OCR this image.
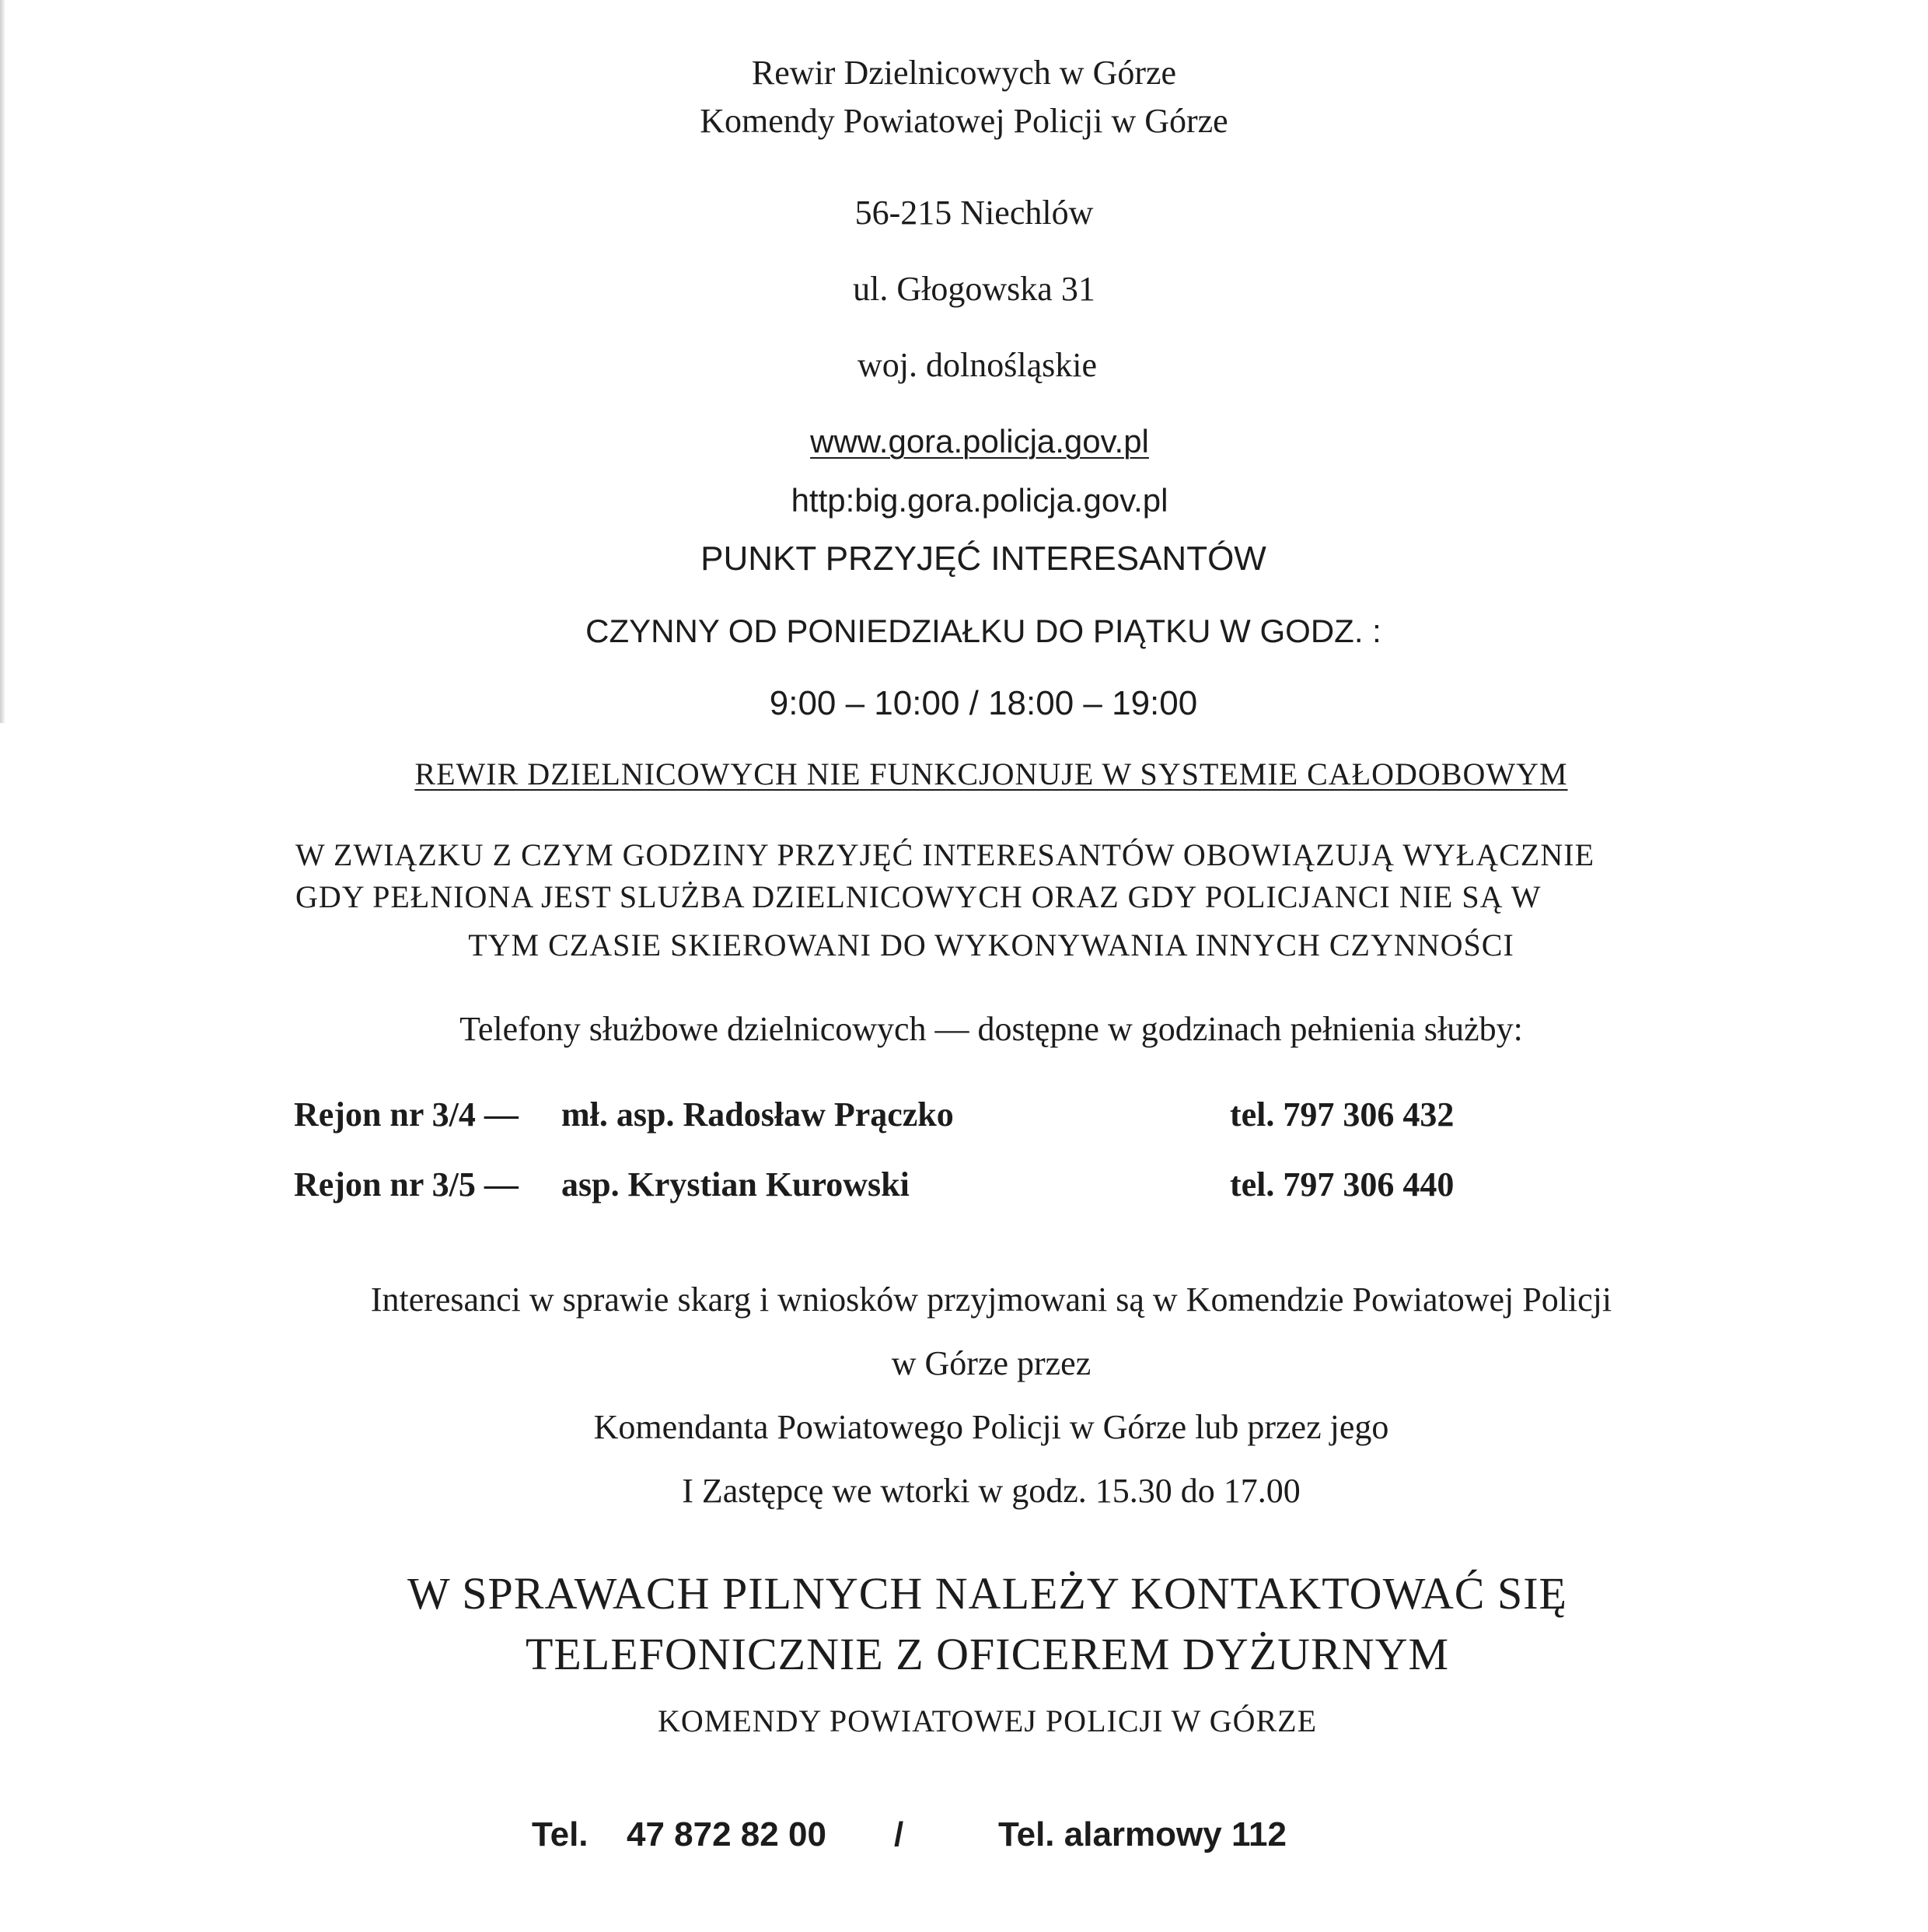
Rewir Dzielnicowych w Górze

Komendy Powiatowej Policji w Górze

56-215 Niechlów

ul. Głogowska 31

woj. dolnośląskie

www.gora.policja.gov.pl

http:big.gora.policja.gov.pl

PUNKT PRZYJĘĆ INTERESANTÓW

CZYNNY OD PONIEDZIAŁKU DO PIĄTKU W GODZ. :

9:00 – 10:00 / 18:00 – 19:00

REWIR DZIELNICOWYCH NIE FUNKCJONUJE W SYSTEMIE CAŁODOBOWYM

W ZWIĄZKU Z CZYM GODZINY PRZYJĘĆ INTERESANTÓW OBOWIĄZUJĄ WYŁĄCZNIE

GDY PEŁNIONA JEST SLUŻBA DZIELNICOWYCH ORAZ GDY POLICJANCI NIE SĄ W

TYM CZASIE SKIEROWANI DO WYKONYWANIA INNYCH CZYNNOŚCI

Telefony służbowe dzielnicowych — dostępne w godzinach pełnienia służby:

Rejon nr 3/4 — mł. asp. Radosław Prączko	tel. 797 306 432
Rejon nr 3/5 — asp. Krystian Kurowski	tel. 797 306 440

Interesanci w sprawie skarg i wniosków przyjmowani są w Komendzie Powiatowej Policji

w Górze przez

Komendanta Powiatowego Policji w Górze lub przez jego

I Zastępcę we wtorki w godz. 15.30 do 17.00

W SPRAWACH PILNYCH NALEŻY KONTAKTOWAĆ SIĘ

TELEFONICZNIE Z OFICEREM DYŻURNYM

KOMENDY POWIATOWEJ POLICJI W GÓRZE

Tel. 47 872 82 00 /	Tel. alarmowy 112
